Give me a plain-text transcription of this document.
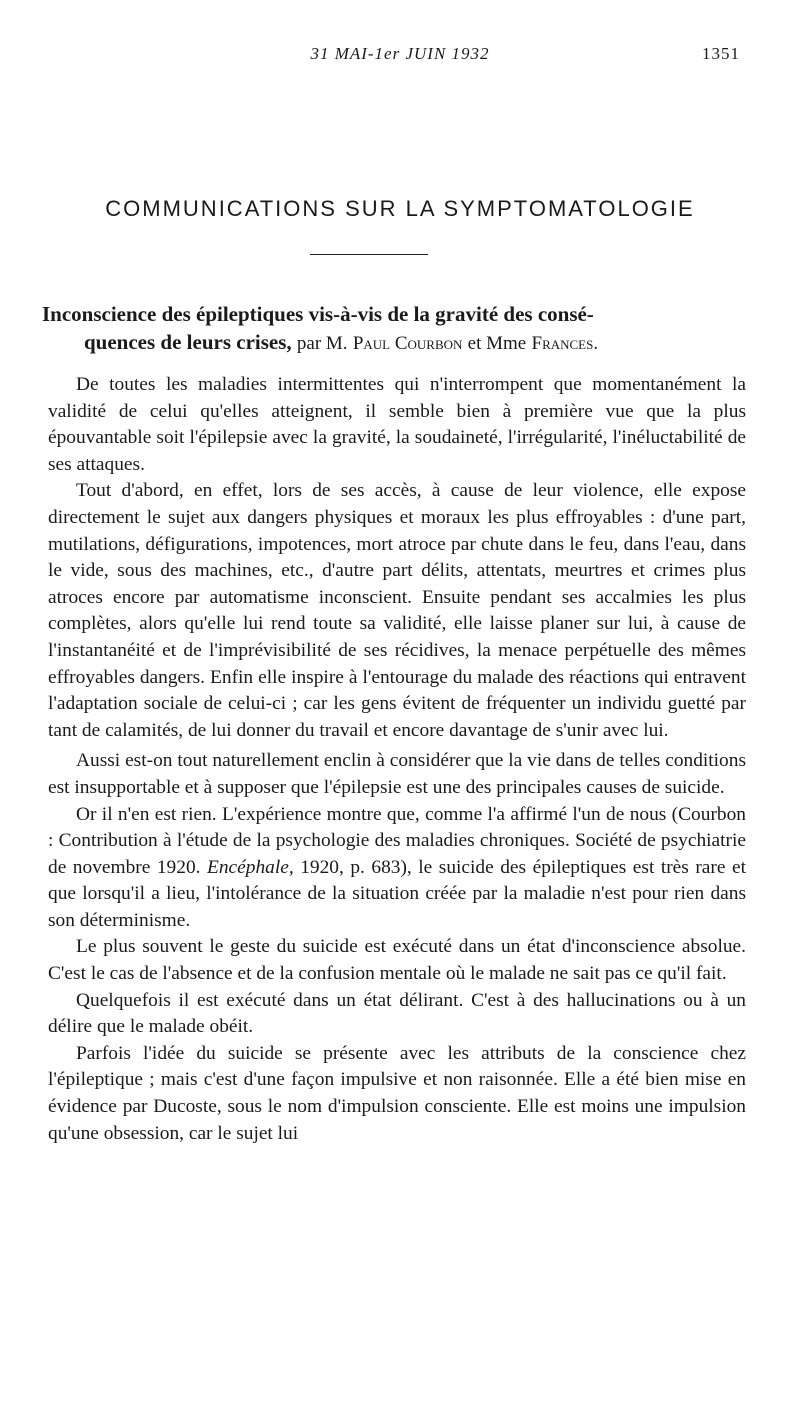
31 MAI-1er JUIN 1932	1351
COMMUNICATIONS SUR LA SYMPTOMATOLOGIE
Inconscience des épileptiques vis-à-vis de la gravité des consé-
quences de leurs crises, par M. Paul Courbon et Mme Frances.

De toutes les maladies intermittentes qui n'interrompent que momentanément la validité de celui qu'elles atteignent, il semble bien à première vue que la plus épouvantable soit l'épilepsie avec la gravité, la soudaineté, l'irrégularité, l'inéluctabilité de ses attaques.

Tout d'abord, en effet, lors de ses accès, à cause de leur violence, elle expose directement le sujet aux dangers physiques et moraux les plus effroyables : d'une part, mutilations, défigurations, impotences, mort atroce par chute dans le feu, dans l'eau, dans le vide, sous des machines, etc., d'autre part délits, attentats, meurtres et crimes plus atroces encore par automatisme inconscient. Ensuite pendant ses accalmies les plus complètes, alors qu'elle lui rend toute sa validité, elle laisse planer sur lui, à cause de l'instantanéité et de l'imprévisibilité de ses récidives, la menace perpétuelle des mêmes effroyables dangers. Enfin elle inspire à l'entourage du malade des réactions qui entravent l'adaptation sociale de celui-ci ; car les gens évitent de fréquenter un individu guetté par tant de calamités, de lui donner du travail et encore davantage de s'unir avec lui.

Aussi est-on tout naturellement enclin à considérer que la vie dans de telles conditions est insupportable et à supposer que l'épilepsie est une des principales causes de suicide.

Or il n'en est rien. L'expérience montre que, comme l'a affirmé l'un de nous (Courbon : Contribution à l'étude de la psychologie des maladies chroniques. Société de psychiatrie de novembre 1920. Encéphale, 1920, p. 683), le suicide des épileptiques est très rare et que lorsqu'il a lieu, l'intolérance de la situation créée par la maladie n'est pour rien dans son déterminisme.

Le plus souvent le geste du suicide est exécuté dans un état d'inconscience absolue. C'est le cas de l'absence et de la confusion mentale où le malade ne sait pas ce qu'il fait.

Quelquefois il est exécuté dans un état délirant. C'est à des hallucinations ou à un délire que le malade obéit.

Parfois l'idée du suicide se présente avec les attributs de la conscience chez l'épileptique ; mais c'est d'une façon impulsive et non raisonnée. Elle a été bien mise en évidence par Ducoste, sous le nom d'impulsion consciente. Elle est moins une impulsion qu'une obsession, car le sujet lui
